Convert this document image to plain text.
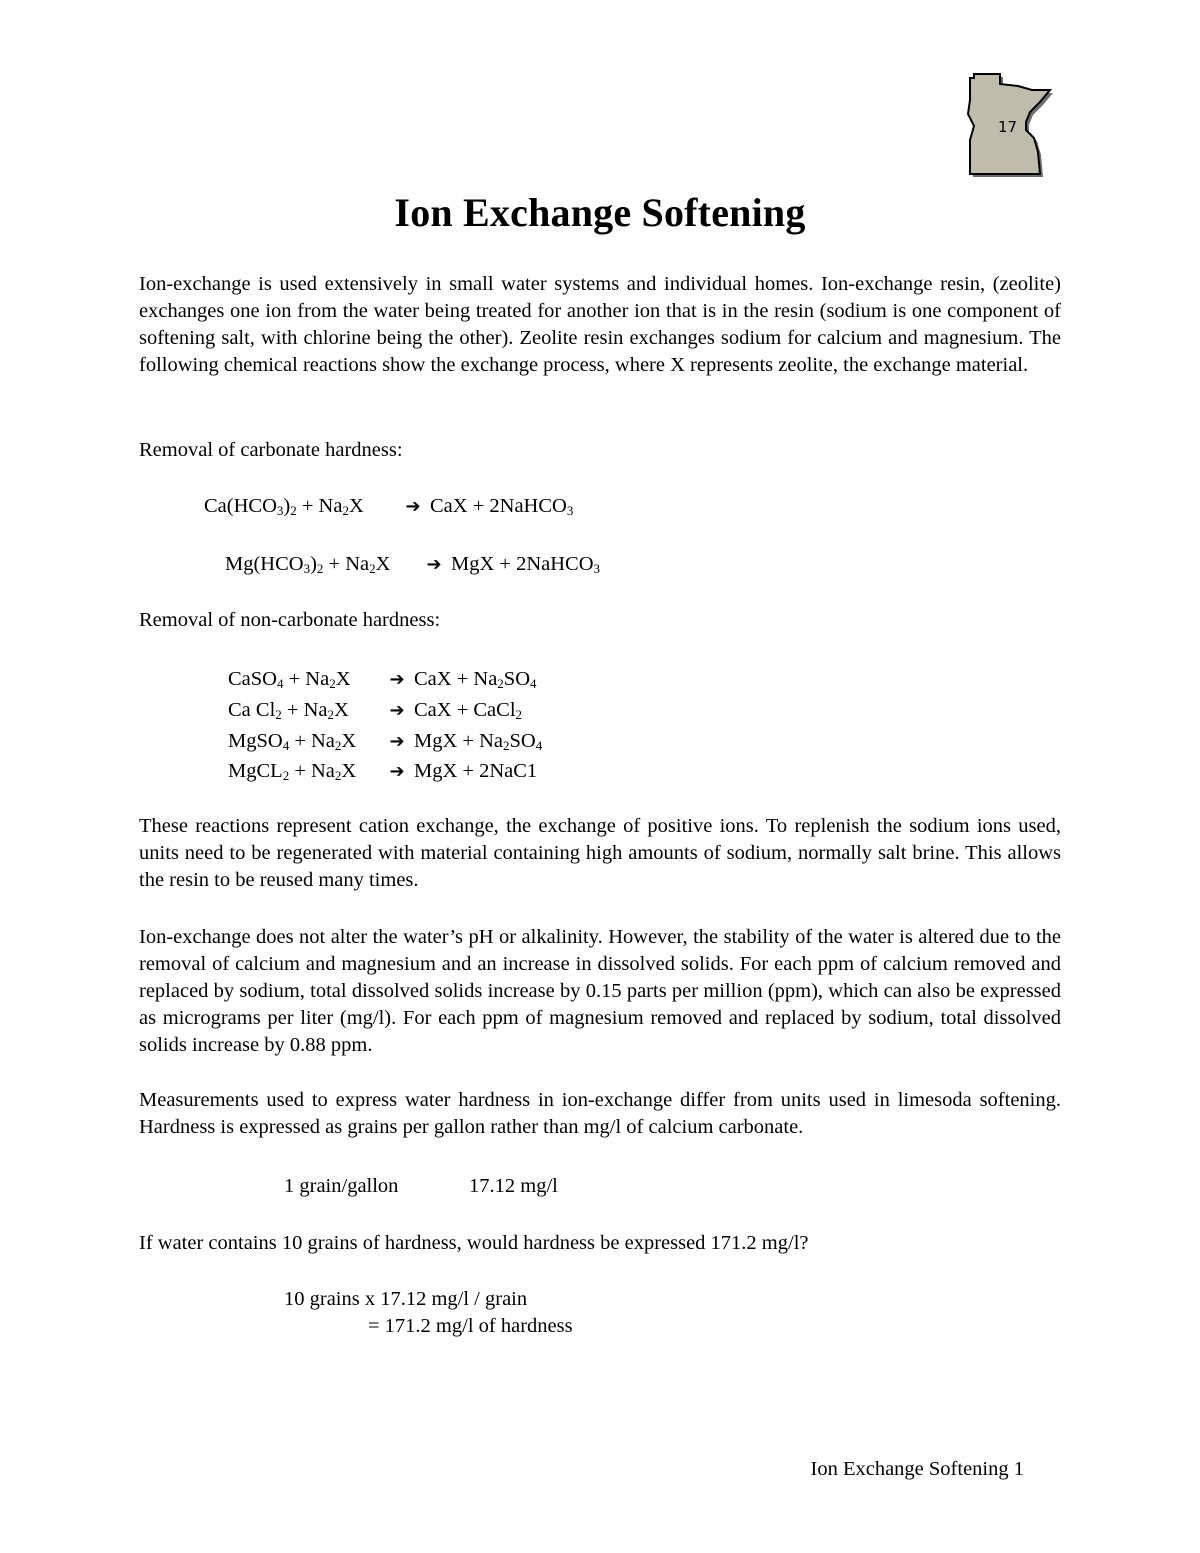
17
Ion Exchange Softening

Ion-exchange is used extensively in small water systems and individual homes. Ion-exchange resin, (zeolite) exchanges one ion from the water being treated for another ion that is in the resin (sodium is one component of softening salt, with chlorine being the other). Zeolite resin exchanges sodium for calcium and magnesium. The following chemical reactions show the exchange process, where X represents zeolite, the exchange material.

Removal of carbonate hardness:

$Ca(HCO_3)_2 + Na_2X$	➔ CaX + 2NaHCO$_3$
$Mg(HCO_3)_2 + Na_2X$	➔ MgX + 2NaHCO$_3$

Removal of non-carbonate hardness:

CaSO$_4$ + $Na_2X$	➔ CaX + $Na_2SO_4$
Ca $Cl_2 + Na_2X$	➔ CaX + CaCl$_2$
MgSO$_4$ + $Na_2X$	➔ MgX + $Na_2SO_4$
MgCL$_2$ + $Na_2X$	➔ MgX + 2NaC1

These reactions represent cation exchange, the exchange of positive ions. To replenish the sodium ions used, units need to be regenerated with material containing high amounts of sodium, normally salt brine. This allows the resin to be reused many times.

Ion-exchange does not alter the water’s pH or alkalinity. However, the stability of the water is altered due to the removal of calcium and magnesium and an increase in dissolved solids. For each ppm of calcium removed and replaced by sodium, total dissolved solids increase by 0.15 parts per million (ppm), which can also be expressed as micrograms per liter (mg/l). For each ppm of magnesium removed and replaced by sodium, total dissolved solids increase by 0.88 ppm.

Measurements used to express water hardness in ion-exchange differ from units used in limesoda softening. Hardness is expressed as grains per gallon rather than mg/l of calcium carbonate.

1 grain/gallon	17.12 mg/l

If water contains 10 grains of hardness, would hardness be expressed 171.2 mg/l?

10 grains x 17.12 mg/l / grain

= 171.2 mg/l of hardness

Ion Exchange Softening 1
